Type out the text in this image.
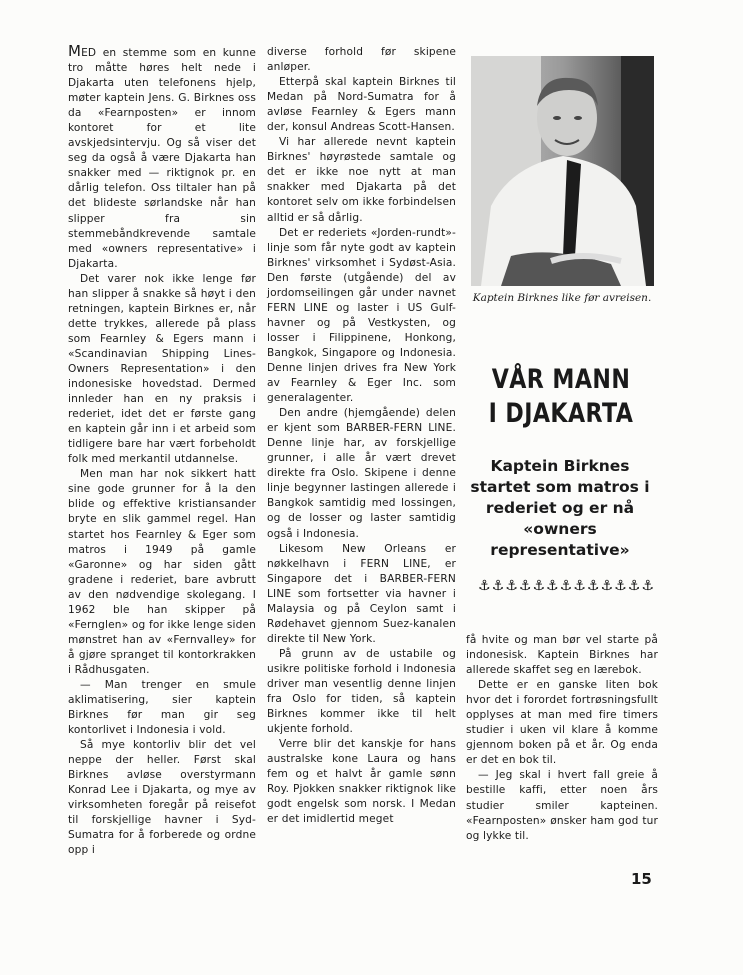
MED en stemme som en kunne tro måtte høres helt nede i Djakarta uten telefonens hjelp, møter kaptein Jens. G. Birknes oss da «Fearnposten» er innom kontoret for et lite avskjedsintervju. Og så viser det seg da også å være Djakarta han snakker med — riktignok pr. en dårlig telefon. Oss tiltaler han på det blideste sørlandske når han slipper fra sin stemmebåndkrevende samtale med «owners representative» i Djakarta.

Det varer nok ikke lenge før han slipper å snakke så høyt i den retningen, kaptein Birknes er, når dette trykkes, allerede på plass som Fearnley & Egers mann i «Scandinavian Shipping Lines-Owners Representation» i den indonesiske hovedstad. Dermed innleder han en ny praksis i rederiet, idet det er første gang en kaptein går inn i et arbeid som tidligere bare har vært forbeholdt folk med merkantil utdannelse.

Men man har nok sikkert hatt sine gode grunner for å la den blide og effektive kristiansander bryte en slik gammel regel. Han startet hos Fearnley & Eger som matros i 1949 på gamle «Garonne» og har siden gått gradene i rederiet, bare avbrutt av den nødvendige skolegang. I 1962 ble han skipper på «Fernglen» og for ikke lenge siden mønstret han av «Fernvalley» for å gjøre spranget til kontorkrakken i Rådhusgaten.

— Man trenger en smule aklimatisering, sier kaptein Birknes før man gir seg kontorlivet i Indonesia i vold.

Så mye kontorliv blir det vel neppe der heller. Først skal Birknes avløse overstyrmann Konrad Lee i Djakarta, og mye av virksomheten foregår på reisefot til forskjellige havner i Syd-Sumatra for å forberede og ordne opp i

diverse forhold før skipene anløper.

Etterpå skal kaptein Birknes til Medan på Nord-Sumatra for å avløse Fearnley & Egers mann der, konsul Andreas Scott-Hansen.

Vi har allerede nevnt kaptein Birknes' høyrøstede samtale og det er ikke noe nytt at man snakker med Djakarta på det kontoret selv om ikke forbindelsen alltid er så dårlig.

Det er rederiets «Jorden-rundt»-linje som får nyte godt av kaptein Birknes' virksomhet i Sydøst-Asia. Den første (utgående) del av jordomseilingen går under navnet FERN LINE og laster i US Gulf-havner og på Vestkysten, og losser i Filippinene, Honkong, Bangkok, Singapore og Indonesia. Denne linjen drives fra New York av Fearnley & Eger Inc. som generalagenter.

Den andre (hjemgående) delen er kjent som BARBER-FERN LINE. Denne linje har, av forskjellige grunner, i alle år vært drevet direkte fra Oslo. Skipene i denne linje begynner lastingen allerede i Bangkok samtidig med lossingen, og de losser og laster samtidig også i Indonesia.

Likesom New Orleans er nøkkelhavn i FERN LINE, er Singapore det i BARBER-FERN LINE som fortsetter via havner i Malaysia og på Ceylon samt i Rødehavet gjennom Suez-kanalen direkte til New York.

På grunn av de ustabile og usikre politiske forhold i Indonesia driver man vesentlig denne linjen fra Oslo for tiden, så kaptein Birknes kommer ikke til helt ukjente forhold.

Verre blir det kanskje for hans australske kone Laura og hans fem og et halvt år gamle sønn Roy. Pjokken snakker riktignok like godt engelsk som norsk. I Medan er det imidlertid meget

Kaptein Birknes like før avreisen.
VÅR MANN
I DJAKARTA
Kaptein Birknes startet som matros i rederiet og er nå «owners representative»
⚓ ⚓ ⚓ ⚓ ⚓ ⚓ ⚓ ⚓ ⚓ ⚓ ⚓ ⚓ ⚓

få hvite og man bør vel starte på indonesisk. Kaptein Birknes har allerede skaffet seg en lærebok.

Dette er en ganske liten bok hvor det i forordet fortrøsningsfullt opplyses at man med fire timers studier i uken vil klare å komme gjennom boken på et år. Og enda er det en bok til.

— Jeg skal i hvert fall greie å bestille kaffi, etter noen års studier smiler kapteinen. «Fearnposten» ønsker ham god tur og lykke til.

15
